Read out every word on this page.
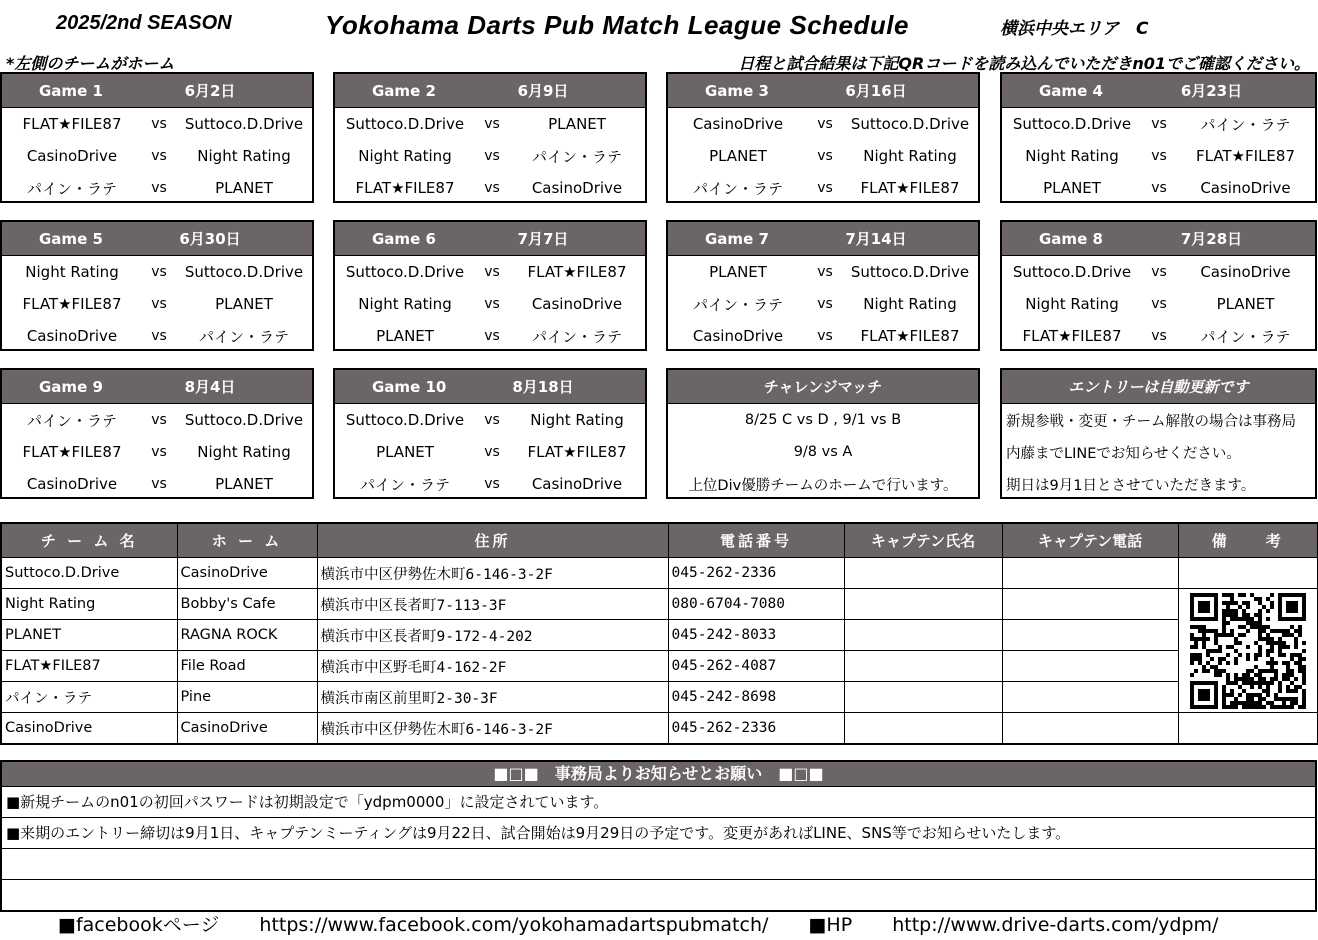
2025/2nd SEASON	Yokohama Darts Pub Match League Schedule	横浜中央エリア　C
*左側のチームがホーム	日程と試合結果は下記QRコードを読み込んでいただきn01でご確認ください。
Game 1	6月2日
FLAT★FILE87	vs	Suttoco.D.Drive
CasinoDrive	vs	Night Rating
パイン・ラテ	vs	PLANET
Game 2	6月9日
Suttoco.D.Drive	vs	PLANET
Night Rating	vs	パイン・ラテ
FLAT★FILE87	vs	CasinoDrive
Game 3	6月16日
CasinoDrive	vs	Suttoco.D.Drive
PLANET	vs	Night Rating
パイン・ラテ	vs	FLAT★FILE87
Game 4	6月23日
Suttoco.D.Drive	vs	パイン・ラテ
Night Rating	vs	FLAT★FILE87
PLANET	vs	CasinoDrive
Game 5	6月30日
Night Rating	vs	Suttoco.D.Drive
FLAT★FILE87	vs	PLANET
CasinoDrive	vs	パイン・ラテ
Game 6	7月7日
Suttoco.D.Drive	vs	FLAT★FILE87
Night Rating	vs	CasinoDrive
PLANET	vs	パイン・ラテ
Game 7	7月14日
PLANET	vs	Suttoco.D.Drive
パイン・ラテ	vs	Night Rating
CasinoDrive	vs	FLAT★FILE87
Game 8	7月28日
Suttoco.D.Drive	vs	CasinoDrive
Night Rating	vs	PLANET
FLAT★FILE87	vs	パイン・ラテ
Game 9	8月4日
パイン・ラテ	vs	Suttoco.D.Drive
FLAT★FILE87	vs	Night Rating
CasinoDrive	vs	PLANET
Game 10	8月18日
Suttoco.D.Drive	vs	Night Rating
PLANET	vs	FLAT★FILE87
パイン・ラテ	vs	CasinoDrive
チャレンジマッチ
8/25 C vs D , 9/1 vs B
9/8 vs A
上位Div優勝チームのホームで行います。
エントリーは自動更新です
新規参戦・変更・チーム解散の場合は事務局
内藤までLINEでお知らせください。
期日は9月1日とさせていただきます。
チ ー ム 名	ホ ー ム	住所	電話番号	キャプテン氏名	キャプテン電話	備　　考
Suttoco.D.Drive	CasinoDrive	横浜市中区伊勢佐木町6-146-3-2F	045-262-2336			
Night Rating	Bobby's Cafe	横浜市中区長者町7-113-3F	080-6704-7080			

PLANET	RAGNA ROCK	横浜市中区長者町9-172-4-202	045-242-8033			
FLAT★FILE87	File Road	横浜市中区野毛町4-162-2F	045-262-4087			
パイン・ラテ	Pine	横浜市南区前里町2-30-3F	045-242-8698			
CasinoDrive	CasinoDrive	横浜市中区伊勢佐木町6-146-3-2F	045-262-2336			
■□■　事務局よりお知らせとお願い　■□■
■新規チームのn01の初回パスワードは初期設定で「ydpm0000」に設定されています。
■来期のエントリー締切は9月1日、キャプテンミーティングは9月22日、試合開始は9月29日の予定です。変更があればLINE、SNS等でお知らせいたします。
■facebookページ https://www.facebook.com/yokohamadartspubmatch/ ■HP http://www.drive-darts.com/ydpm/
